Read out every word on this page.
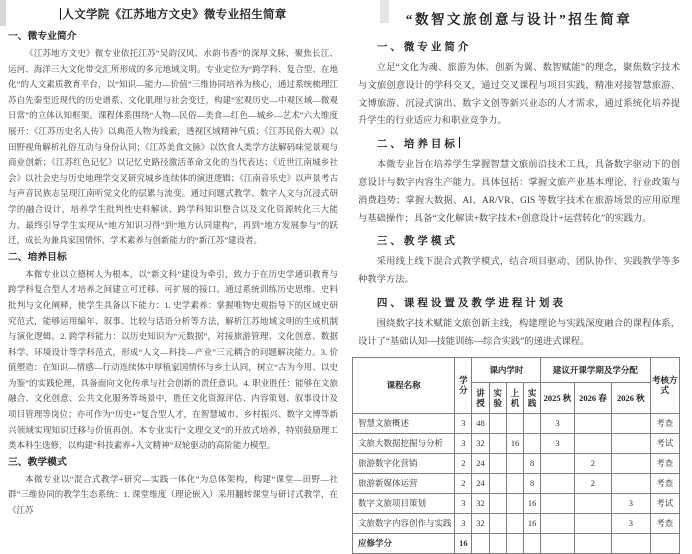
人文学院《江苏地方文史》微专业招生简章
一、微专业简介

《江苏地方文史》微专业依托江苏“吴韵汉风、水韵书香”的深厚文脉，聚焦长江、运河、海洋三大文化带交汇所形成的多元地域文明。专业定位为“跨学科、复合型、在地化”的人文素质教育平台，以“知识—能力—价值”三维协同培养为核心，通过系统梳理江苏自先秦至近现代的历史谱系、文化肌理与社会变迁，构建“宏观历史—中观区域—微观日常”的立体认知框架。课程体系围绕“人物—民俗—美食—红色—城乡—艺术”六大维度展开：《江苏历史名人传》以典范人物为线索，透视区域精神气质；《江苏民俗大观》以田野视角解析礼俗互动与身份认同；《江苏美食文脉》以饮食人类学方法解码味觉景观与商业创新；《江苏红色记忆》以记忆史路径激活革命文化的当代表达；《近世江南城乡社会》以社会史与历史地理学交叉研究城乡连续体的演进逻辑；《江南音乐史》以声景考古与声音民族志呈现江南听觉文化的层累与流变。通过问题式教学、数字人文与沉浸式研学的融合设计，培养学生批判性史料解读、跨学科知识整合以及文化资源转化三大能力。最终引导学生实现从“地方知识习得”到“地方认同建构”，再到“地方发展参与”的跃迁，成长为兼具家国情怀、学术素养与创新能力的“新江苏”建设者。

二、培养目标

本微专业以立德树人为根本，以“新文科”建设为牵引，致力于在历史学通识教育与跨学科复合型人才培养之间建立可迁移、可扩展的接口。通过系统训练历史思维、史料批判与文化阐释，使学生具备以下能力：1. 史学素养：掌握唯物史观指导下的区域史研究范式，能够运用编年、叙事、比较与话语分析等方法，解析江苏地域文明的生成机制与演化逻辑。2. 跨学科能力：以历史知识为“元数据”，对接旅游管理、文化创意、数据科学、环境设计等学科范式，形成“人文—科技—产业”三元耦合的问题解决能力。3. 价值塑造：在知识—情感—行动连续体中厚植家国情怀与乡土认同，树立“古为今用、以史为鉴”的实践伦理，具备面向文化传承与社会创新的责任意识。4. 职业胜任：能够在文旅融合、文化创意、公共文化服务等场景中，胜任文化资源评估、内容策划、叙事设计及项目管理等岗位；亦可作为“历史+”复合型人才，在智慧城市、乡村振兴、数字文博等新兴领域实现知识迁移与价值再创。本专业实行“文理交叉”的开放式培养，特别鼓励理工类本科生选修，以构建“科技素养+人文精神”双轮驱动的高阶能力模型。

三、教学模式

本微专业以“混合式教学+研究—实践一体化”为总体架构，构建“课堂—田野—社群”三维协同的教学生态系统：1. 课堂维度（理论嵌入）采用翻转课堂与研讨式教学，在《江苏

“数智文旅创意与设计”招生简章
一、微专业简介

立足“文化为魂、旅游为体、创新为翼、数智赋能”的理念，聚焦数字技术与文旅创意设计的学科交叉，通过交叉课程与项目实践，精准对接智慧旅游、文博旅游、沉浸式演出、数字文创等新兴业态的人才需求，通过系统化培养提升学生的行业适应力和职业竞争力。

二、培养目标

本微专业旨在培养学生掌握智慧文旅前沿技术工具，具备数字驱动下的创意设计与数字内容生产能力。具体包括：掌握文旅产业基本理论、行业政策与消费趋势；掌握大数据、AI、AR/VR、GIS 等数字技术在旅游场景的应用原理与基础操作；具备“文化解读+数字技术+创意设计+运营转化”的实践力。

三、教学模式

采用线上线下混合式教学模式，结合项目驱动、团队协作、实践教学等多种教学方法。

四、课程设置及教学进程计划表

围绕数字技术赋能文旅创新主线，构建理论与实践深度融合的课程体系，设计了“基础认知—技能训练—综合实践”的递进式课程。

课程名称	学分	课内学时				建议开课学期及学分配			考核方式
		讲授	实验	上机	实践	2025 秋	2026 春	2026 秋	
智慧文旅概述	3	48				3			考查
文旅大数据挖掘与分析	3	32		16		3			考试
旅游数字化营销	2	24			8		2		考查
旅游新媒体运营	2	24			8		2		考查
数字文旅项目策划	3	32			16			3	考试
文旅数字内容创作与实践	3	32			16			3	考查
应修学分	16								
